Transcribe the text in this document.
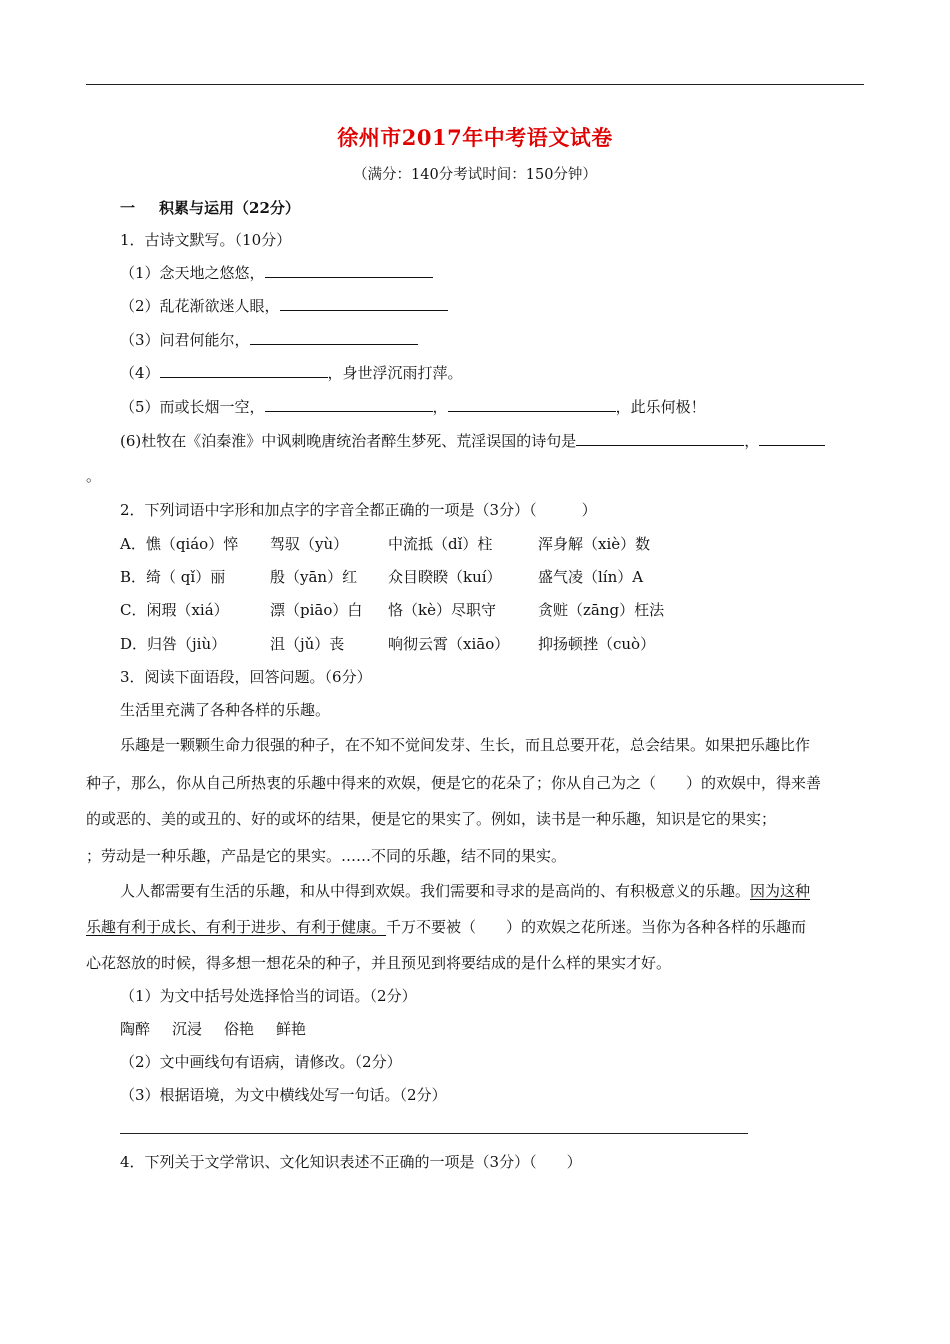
徐州市2017年中考语文试卷
（满分：140分考试时间：150分钟）
一 积累与运用（22分）
1．古诗文默写。（10分）
（1）念天地之悠悠，
（2）乱花渐欲迷人眼，
（3）问君何能尔，
（4）	，身世浮沉雨打萍。
（5）而或长烟一空，	，	，此乐何极！
(6)杜牧在《泊秦淮》中讽刺晚唐统治者醉生梦死、荒淫误国的诗句是	，
。
2．下列词语中字形和加点字的字音全都正确的一项是（3分）（　　　）
A．憔（qiáo）悴 驾驭（yù）	中流抵（dǐ）柱	浑身解（xiè）数
B．绮（ qǐ）丽	殷（yān）红 众目睽睽（kuí） 盛气凌（lín）A
C．闲瑕（xiá）	漂（piāo）白 恪（kè）尽职守	贪赃（zāng）枉法
D．归咎（jiù）	沮（jǔ）丧	响彻云霄（xiāo） 抑扬顿挫（cuò）
3．阅读下面语段，回答问题。（6分）
生活里充满了各种各样的乐趣。
乐趣是一颗颗生命力很强的种子，在不知不觉间发芽、生长，而且总要开花，总会结果。如果把乐趣比作
种子，那么，你从自己所热衷的乐趣中得来的欢娱，便是它的花朵了；你从自己为之（　　）的欢娱中，得来善
的或恶的、美的或丑的、好的或坏的结果，便是它的果实了。例如，读书是一种乐趣，知识是它的果实；
；劳动是一种乐趣，产品是它的果实。……不同的乐趣，结不同的果实。
人人都需要有生活的乐趣，和从中得到欢娱。我们需要和寻求的是高尚的、有积极意义的乐趣。因为这种
乐趣有利于成长、有利于进步、有利于健康。千万不要被（　　）的欢娱之花所迷。当你为各种各样的乐趣而
心花怒放的时候，得多想一想花朵的种子，并且预见到将要结成的是什么样的果实才好。
（1）为文中括号处选择恰当的词语。（2分）
陶醉 沉浸 俗艳 鲜艳
（2）文中画线句有语病，请修改。（2分）
（3）根据语境，为文中横线处写一句话。（2分）
4．下列关于文学常识、文化知识表述不正确的一项是（3分）（　　）
